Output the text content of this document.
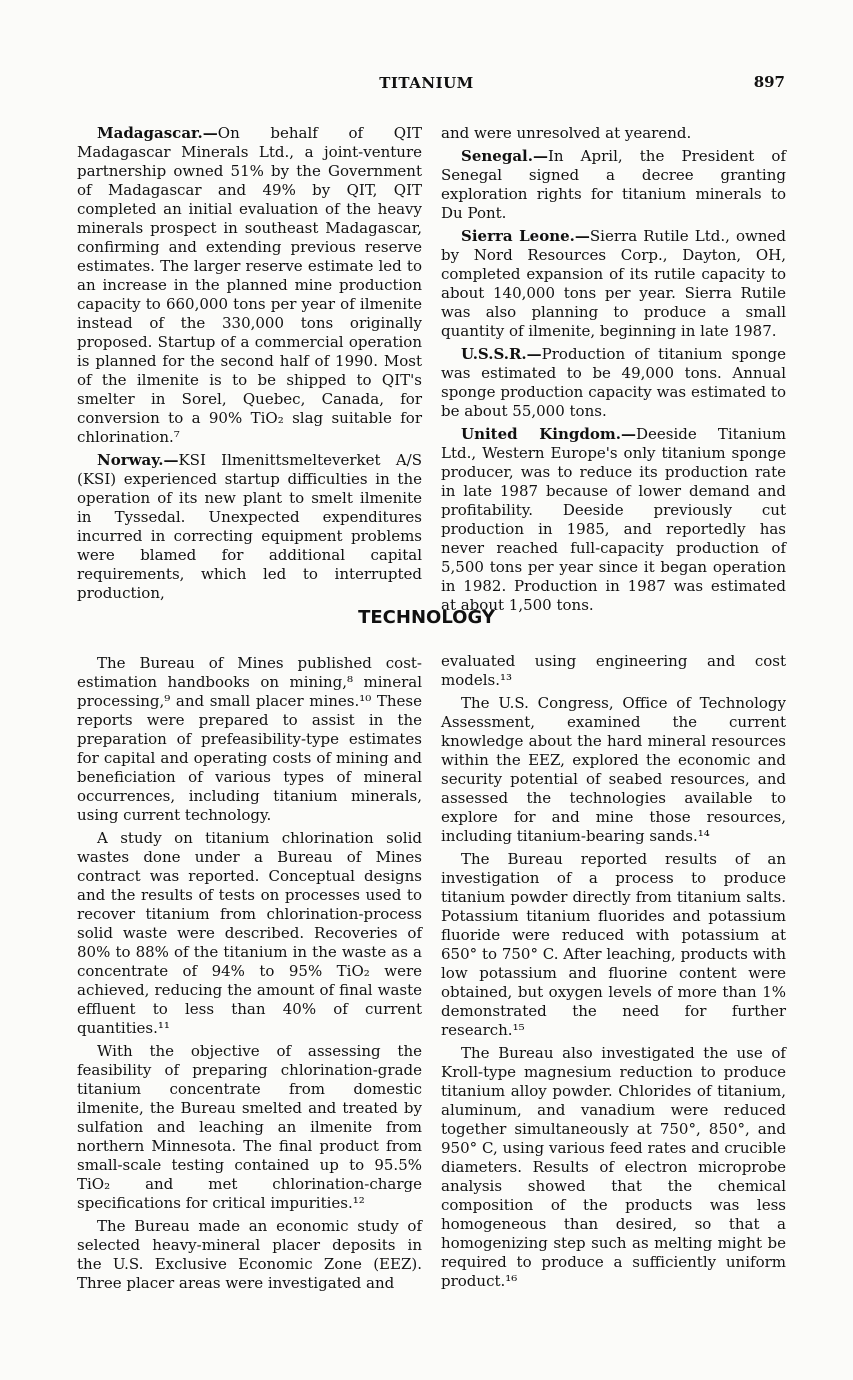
TITANIUM	897

Madagascar.—On behalf of QIT Madagascar Minerals Ltd., a joint-venture partnership owned 51% by the Government of Madagascar and 49% by QIT, QIT completed an initial evaluation of the heavy minerals prospect in southeast Madagascar, confirming and extending previous reserve estimates. The larger reserve estimate led to an increase in the planned mine production capacity to 660,000 tons per year of ilmenite instead of the 330,000 tons originally proposed. Startup of a commercial operation is planned for the second half of 1990. Most of the ilmenite is to be shipped to QIT's smelter in Sorel, Quebec, Canada, for conversion to a 90% TiO₂ slag suitable for chlorination.⁷

Norway.—KSI Ilmenittsmelteverket A/S (KSI) experienced startup difficulties in the operation of its new plant to smelt ilmenite in Tyssedal. Unexpected expenditures incurred in correcting equipment problems were blamed for additional capital requirements, which led to interrupted production,

and were unresolved at yearend.

Senegal.—In April, the President of Senegal signed a decree granting exploration rights for titanium minerals to Du Pont.

Sierra Leone.—Sierra Rutile Ltd., owned by Nord Resources Corp., Dayton, OH, completed expansion of its rutile capacity to about 140,000 tons per year. Sierra Rutile was also planning to produce a small quantity of ilmenite, beginning in late 1987.

U.S.S.R.—Production of titanium sponge was estimated to be 49,000 tons. Annual sponge production capacity was estimated to be about 55,000 tons.

United Kingdom.—Deeside Titanium Ltd., Western Europe's only titanium sponge producer, was to reduce its production rate in late 1987 because of lower demand and profitability. Deeside previously cut production in 1985, and reportedly has never reached full-capacity production of 5,500 tons per year since it began operation in 1982. Production in 1987 was estimated at about 1,500 tons.

TECHNOLOGY

The Bureau of Mines published cost-estimation handbooks on mining,⁸ mineral processing,⁹ and small placer mines.¹⁰ These reports were prepared to assist in the preparation of prefeasibility-type estimates for capital and operating costs of mining and beneficiation of various types of mineral occurrences, including titanium minerals, using current technology.

A study on titanium chlorination solid wastes done under a Bureau of Mines contract was reported. Conceptual designs and the results of tests on processes used to recover titanium from chlorination-process solid waste were described. Recoveries of 80% to 88% of the titanium in the waste as a concentrate of 94% to 95% TiO₂ were achieved, reducing the amount of final waste effluent to less than 40% of current quantities.¹¹

With the objective of assessing the feasibility of preparing chlorination-grade titanium concentrate from domestic ilmenite, the Bureau smelted and treated by sulfation and leaching an ilmenite from northern Minnesota. The final product from small-scale testing contained up to 95.5% TiO₂ and met chlorination-charge specifications for critical impurities.¹²

The Bureau made an economic study of selected heavy-mineral placer deposits in the U.S. Exclusive Economic Zone (EEZ). Three placer areas were investigated and

evaluated using engineering and cost models.¹³

The U.S. Congress, Office of Technology Assessment, examined the current knowledge about the hard mineral resources within the EEZ, explored the economic and security potential of seabed resources, and assessed the technologies available to explore for and mine those resources, including titanium-bearing sands.¹⁴

The Bureau reported results of an investigation of a process to produce titanium powder directly from titanium salts. Potassium titanium fluorides and potassium fluoride were reduced with potassium at 650° to 750° C. After leaching, products with low potassium and fluorine content were obtained, but oxygen levels of more than 1% demonstrated the need for further research.¹⁵

The Bureau also investigated the use of Kroll-type magnesium reduction to produce titanium alloy powder. Chlorides of titanium, aluminum, and vanadium were reduced together simultaneously at 750°, 850°, and 950° C, using various feed rates and crucible diameters. Results of electron microprobe analysis showed that the chemical composition of the products was less homogeneous than desired, so that a homogenizing step such as melting might be required to produce a sufficiently uniform product.¹⁶
